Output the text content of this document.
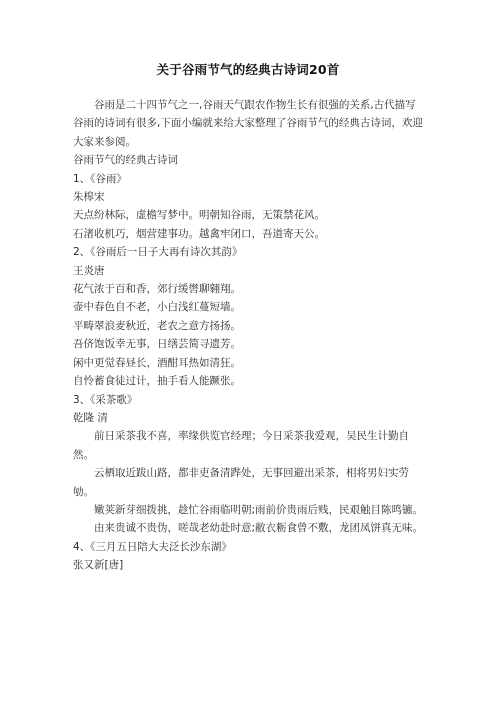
关于谷雨节气的经典古诗词20首

谷雨是二十四节气之一,谷雨天气跟农作物生长有很强的关系,古代描写谷雨的诗词有很多,下面小编就来给大家整理了谷雨节气的经典古诗词，欢迎大家来参阅。

谷雨节气的经典古诗词

1、《谷雨》

朱槔宋

天点纷林际，虚檐写梦中。明朝知谷雨，无策禁花风。

石渚收机巧，烟营建事功。越禽牢闭口，吾道寄天公。

2、《谷雨后一日子大再有诗次其韵》

王炎唐

花气浓于百和香，郊行缓辔聊翱翔。

壶中春色自不老，小白浅红蔓短墙。

平畴翠浪麦秋近，老农之意方扬扬。

吾侪饱饭幸无事，日缮芸简寻遗芳。

闲中更觉春昼长，酒酣耳热如清狂。

自怜蓄食徒过计，抽手看人能蹶张。

3、《采茶歌》

乾隆 清

前日采茶我不喜，率缘供览官经理；今日采茶我爱观，吴民生计勤自然。

云栖取近跋山路，都非吏备清跸处，无事回避出采茶，相将男妇实劳劬。

嫩荚新芽细拨挑，趁忙谷雨临明朝;雨前价贵雨后贱，民艰触目陈鸣镳。

由来贵诚不贵伪，嗟哉老幼赴时意;敝衣粝食曾不敷，龙团凤饼真无味。

4、《三月五日陪大夫泛长沙东湖》

张又新[唐]
